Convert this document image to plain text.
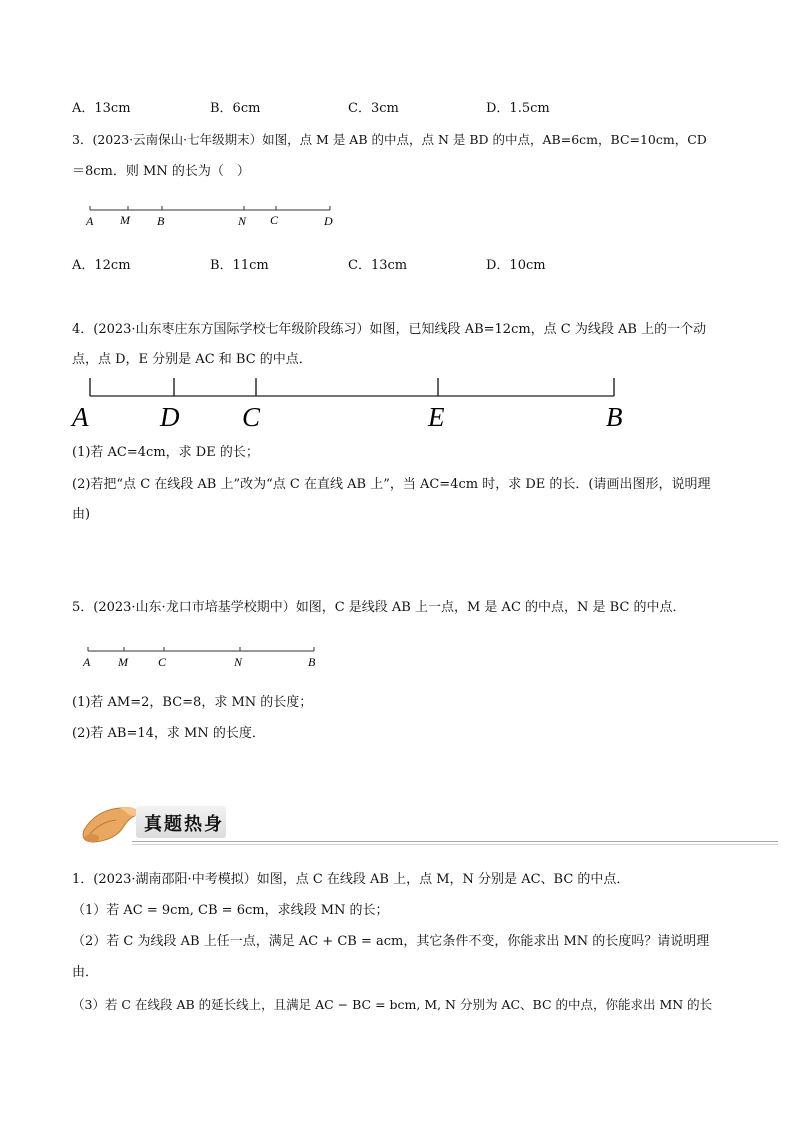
A．13cm	B．6cm	C．3cm	D．1.5cm
3．(2023·云南保山·七年级期末）如图，点 M 是 AB 的中点，点 N 是 BD 的中点，AB=6cm，BC=10cm，CD
＝8cm．则 MN 的长为（　）
A M B	N C	D
A．12cm	B．11cm	C．13cm	D．10cm
4．(2023·山东枣庄东方国际学校七年级阶段练习）如图，已知线段 AB=12cm，点 C 为线段 AB 上的一个动
点，点 D，E 分别是 AC 和 BC 的中点．
A	D C	E	B
(1)若 AC=4cm，求 DE 的长；
(2)若把“点 C 在线段 AB 上”改为“点 C 在直线 AB 上”，当 AC=4cm 时，求 DE 的长．(请画出图形，说明理
由)
5．(2023·山东·龙口市培基学校期中）如图，C 是线段 AB 上一点，M 是 AC 的中点，N 是 BC 的中点．
A M	C	N	B
(1)若 AM=2，BC=8，求 MN 的长度；
(2)若 AB=14，求 MN 的长度．
真题热身
1．(2023·湖南邵阳·中考模拟）如图，点 C 在线段 AB 上，点 M，N 分别是 AC、BC 的中点．
（1）若 AC = 9cm, CB = 6cm，求线段 MN 的长；
（2）若 C 为线段 AB 上任一点，满足 AC + CB = acm，其它条件不变，你能求出 MN 的长度吗？请说明理
由．
（3）若 C 在线段 AB 的延长线上，且满足 AC − BC = bcm, M, N 分别为 AC、BC 的中点，你能求出 MN 的长
